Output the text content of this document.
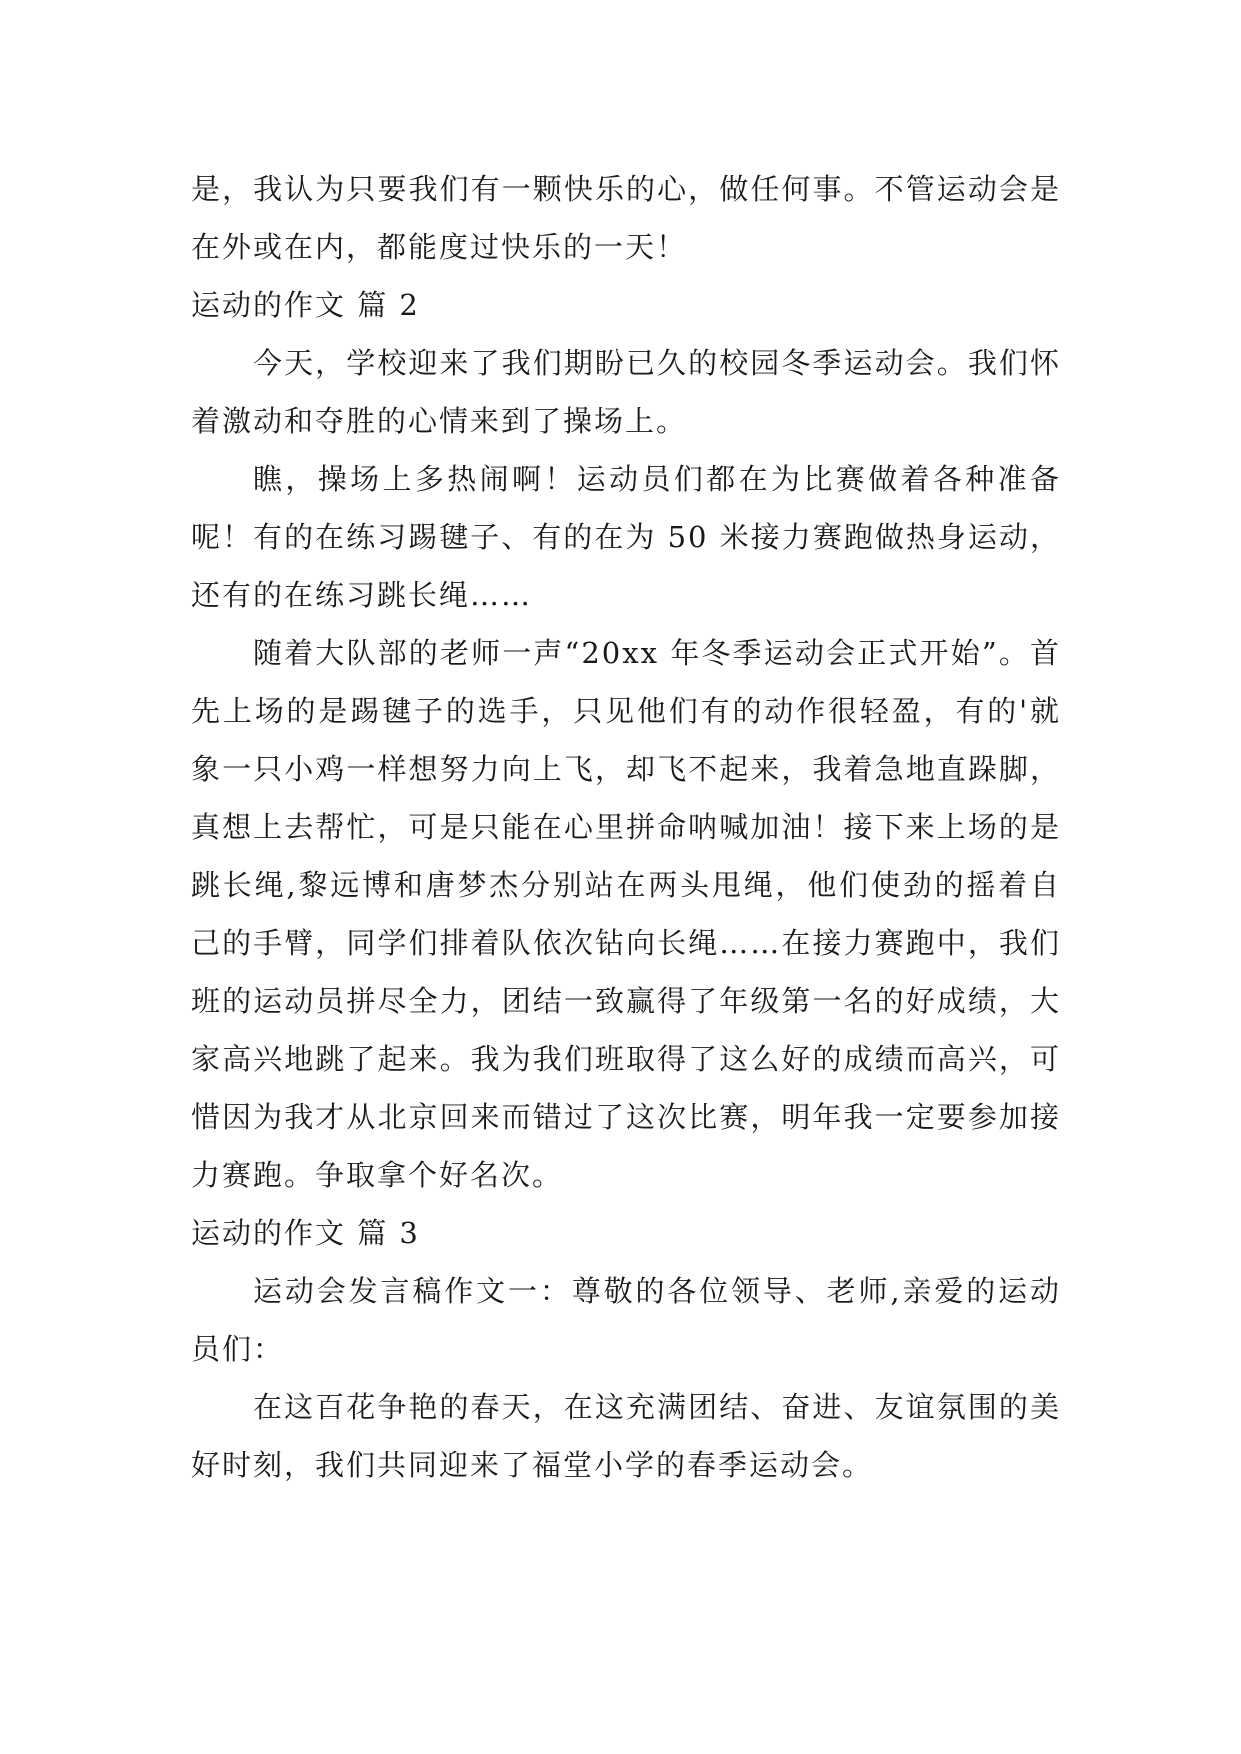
是，我认为只要我们有一颗快乐的心，做任何事。不管运动会是在外或在内，都能度过快乐的一天！

运动的作文 篇 2

今天，学校迎来了我们期盼已久的校园冬季运动会。我们怀着激动和夺胜的心情来到了操场上。

瞧，操场上多热闹啊！运动员们都在为比赛做着各种准备呢！有的在练习踢毽子、有的在为 50 米接力赛跑做热身运动，还有的在练习跳长绳……

随着大队部的老师一声“20xx 年冬季运动会正式开始”。首先上场的是踢毽子的选手，只见他们有的动作很轻盈，有的'就象一只小鸡一样想努力向上飞，却飞不起来，我着急地直跺脚，真想上去帮忙，可是只能在心里拼命呐喊加油！接下来上场的是跳长绳,黎远博和唐梦杰分别站在两头甩绳，他们使劲的摇着自己的手臂，同学们排着队依次钻向长绳……在接力赛跑中，我们班的运动员拼尽全力，团结一致赢得了年级第一名的好成绩，大家高兴地跳了起来。我为我们班取得了这么好的成绩而高兴，可惜因为我才从北京回来而错过了这次比赛，明年我一定要参加接力赛跑。争取拿个好名次。

运动的作文 篇 3

运动会发言稿作文一：尊敬的各位领导、老师,亲爱的运动员们：

在这百花争艳的春天，在这充满团结、奋进、友谊氛围的美好时刻，我们共同迎来了福堂小学的春季运动会。
